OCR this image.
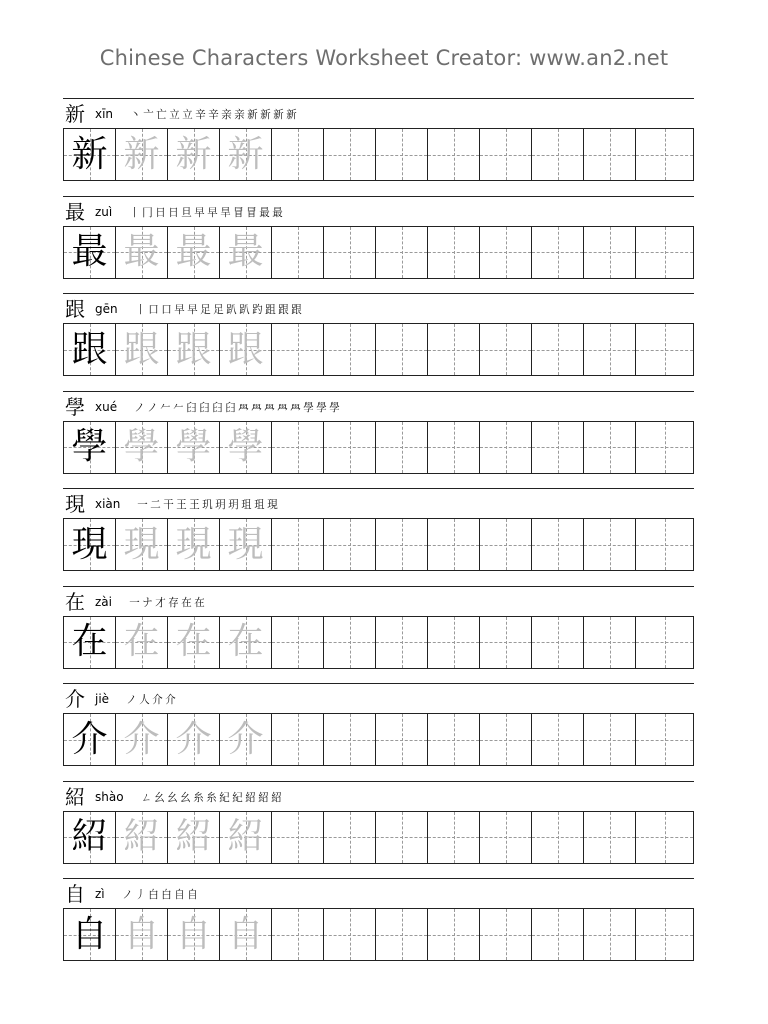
Chinese Characters Worksheet Creator: www.an2.net
新 xīn 丶 亠 亡 立 立 辛 辛 亲 亲 新 新 新 新
新 新 新 新
最 zuì 丨 冂 日 日 旦 早 早 旱 冒 冒 最 最
最 最 最 最
跟 gēn 丨 口 口 早 早 足 足 趴 趴 趵 跙 跟 跟
跟 跟 跟 跟
學 xué ノ ノ 𠂉 𠂉 𦥑 𦥑 𦥑 𦥑 𦥯 𦥯 𦥯 𦥯 𦥯 學 學 學
學 學 學 學
現 xiàn 一 二 干 王 王 玑 玥 玥 珇 珇 現
現 現 現 現
在 zài 一 ナ 才 存 在 在
在 在 在 在
介 jiè ノ 人 介 介
介 介 介 介
紹 shào ㄥ 幺 幺 幺 糸 糸 紀 紀 紹 紹 紹
紹 紹 紹 紹
自 zì ノ 丿 白 白 自 自
自 自 自 自
